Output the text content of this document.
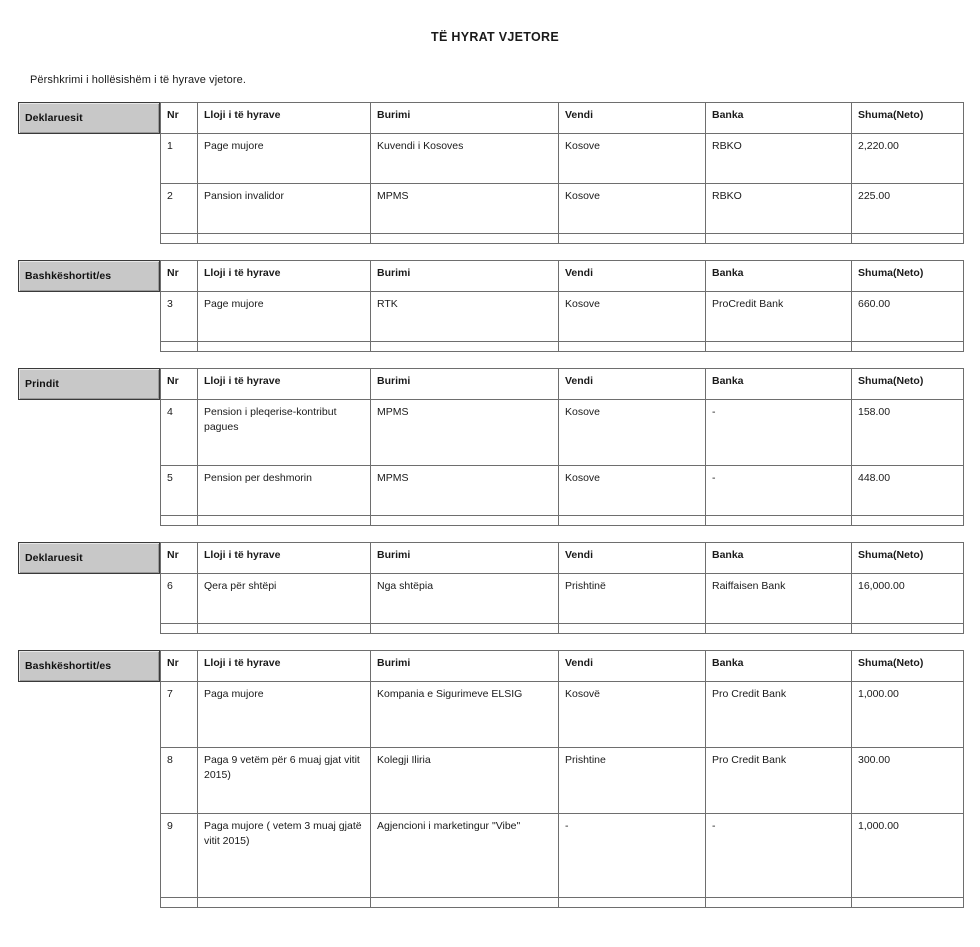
TË HYRAT VJETORE
Përshkrimi i hollësishëm i të hyrave vjetore.
Deklaruesit	Nr	Lloji i të hyrave	Burimi	Vendi	Banka	Shuma(Neto)
1	Page mujore	Kuvendi i Kosoves	Kosove	RBKO	2,220.00
2	Pansion invalidor	MPMS	Kosove	RBKO	225.00

Bashkëshortit/es	Nr	Lloji i të hyrave	Burimi	Vendi	Banka	Shuma(Neto)
3	Page mujore	RTK	Kosove	ProCredit Bank	660.00

Prindit	Nr	Lloji i të hyrave	Burimi	Vendi	Banka	Shuma(Neto)
4	Pension i pleqerise-kontribut pagues	MPMS	Kosove	-	158.00
5	Pension per deshmorin	MPMS	Kosove	-	448.00

Deklaruesit	Nr	Lloji i të hyrave	Burimi	Vendi	Banka	Shuma(Neto)
6	Qera për shtëpi	Nga shtëpia	Prishtinë	Raiffaisen Bank	16,000.00

Bashkëshortit/es	Nr	Lloji i të hyrave	Burimi	Vendi	Banka	Shuma(Neto)
7	Paga mujore	Kompania e Sigurimeve ELSIG	Kosovë	Pro Credit Bank	1,000.00
8	Paga 9 vetëm për 6 muaj gjat vitit 2015)	Kolegji Iliria	Prishtine	Pro Credit Bank	300.00
9	Paga mujore ( vetem 3 muaj gjatë vitit 2015)	Agjencioni i marketingur "Vibe"	-	-	1,000.00
